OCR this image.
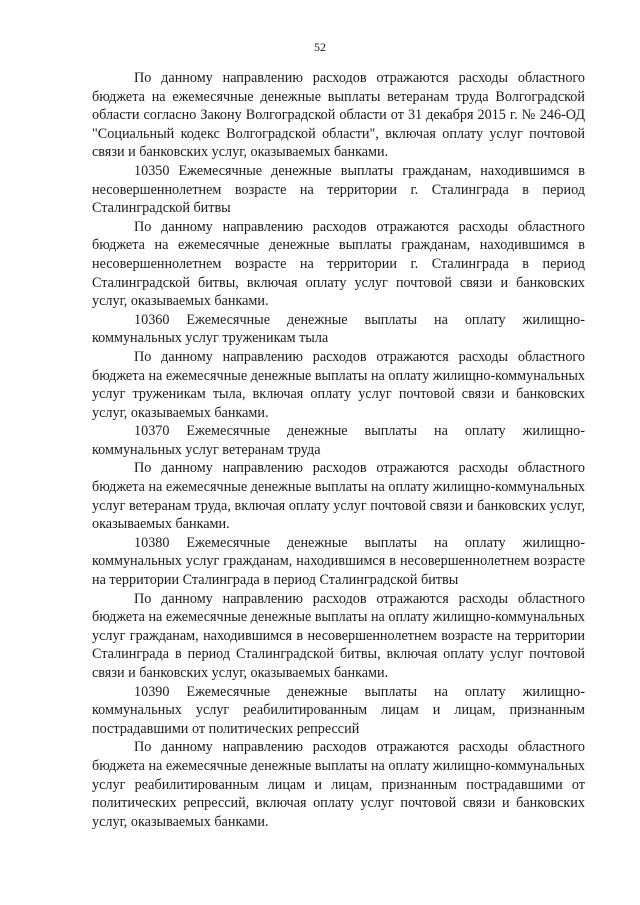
52

По данному направлению расходов отражаются расходы областного бюджета на ежемесячные денежные выплаты ветеранам труда Волгоградской области согласно Закону Волгоградской области от 31 декабря 2015 г. № 246-ОД "Социальный кодекс Волгоградской области", включая оплату услуг почтовой связи и банковских услуг, оказываемых банками.

10350 Ежемесячные денежные выплаты гражданам, находившимся в несовершеннолетнем возрасте на территории г. Сталинграда в период Сталинградской битвы

По данному направлению расходов отражаются расходы областного бюджета на ежемесячные денежные выплаты гражданам, находившимся в несовершеннолетнем возрасте на территории г. Сталинграда в период Сталинградской битвы, включая оплату услуг почтовой связи и банковских услуг, оказываемых банками.

10360 Ежемесячные денежные выплаты на оплату жилищно-коммунальных услуг труженикам тыла

По данному направлению расходов отражаются расходы областного бюджета на ежемесячные денежные выплаты на оплату жилищно-коммунальных услуг труженикам тыла, включая оплату услуг почтовой связи и банковских услуг, оказываемых банками.

10370 Ежемесячные денежные выплаты на оплату жилищно-коммунальных услуг ветеранам труда

По данному направлению расходов отражаются расходы областного бюджета на ежемесячные денежные выплаты на оплату жилищно-коммунальных услуг ветеранам труда, включая оплату услуг почтовой связи и банковских услуг, оказываемых банками.

10380 Ежемесячные денежные выплаты на оплату жилищно-коммунальных услуг гражданам, находившимся в несовершеннолетнем возрасте на территории Сталинграда в период Сталинградской битвы

По данному направлению расходов отражаются расходы областного бюджета на ежемесячные денежные выплаты на оплату жилищно-коммунальных услуг гражданам, находившимся в несовершеннолетнем возрасте на территории Сталинграда в период Сталинградской битвы, включая оплату услуг почтовой связи и банковских услуг, оказываемых банками.

10390 Ежемесячные денежные выплаты на оплату жилищно-коммунальных услуг реабилитированным лицам и лицам, признанным пострадавшими от политических репрессий

По данному направлению расходов отражаются расходы областного бюджета на ежемесячные денежные выплаты на оплату жилищно-коммунальных услуг реабилитированным лицам и лицам, признанным пострадавшими от политических репрессий, включая оплату услуг почтовой связи и банковских услуг, оказываемых банками.
